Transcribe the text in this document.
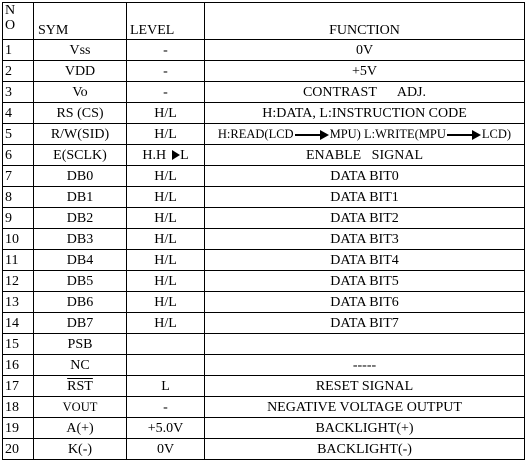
N
O	SYM	LEVEL	FUNCTION
1	Vss	-	0V
2	VDD	-	+5V
3	Vo	-	CONTRAST      ADJ.
4	RS (CS)	H/L	H:DATA, L:INSTRUCTION CODE
5	R/W(SID)	H/L	H:READ(LCD MPU) L:WRITE(MPU LCD)
6	E(SCLK)	H.H L	ENABLE   SIGNAL
7	DB0	H/L	DATA BIT0
8	DB1	H/L	DATA BIT1
9	DB2	H/L	DATA BIT2
10	DB3	H/L	DATA BIT3
11	DB4	H/L	DATA BIT4
12	DB5	H/L	DATA BIT5
13	DB6	H/L	DATA BIT6
14	DB7	H/L	DATA BIT7
15	PSB		
16	NC		-----
17	$\overline{RST}$	L	RESET SIGNAL
18	VOUT	-	NEGATIVE VOLTAGE OUTPUT
19	A(+)	+5.0V	BACKLIGHT(+)
20	K(-)	0V	BACKLIGHT(-)
